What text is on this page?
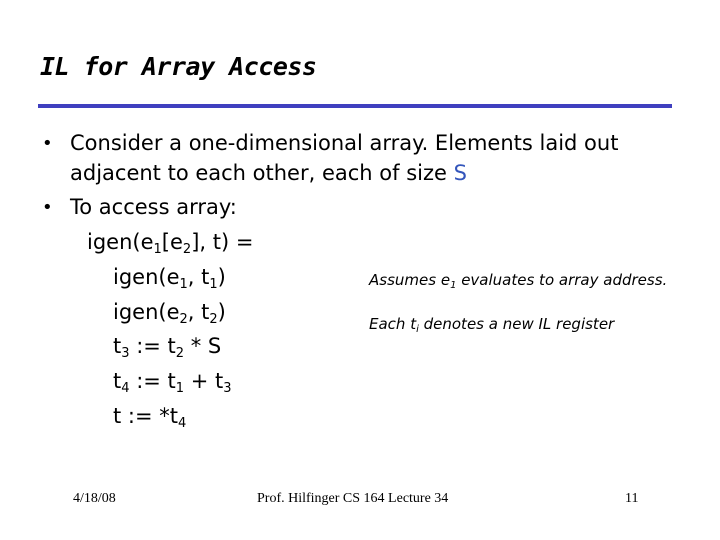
IL for Array Access
• Consider a one-dimensional array. Elements laid out
adjacent to each other, each of size S
• To access array:
$igen(e_1[e_2]$, t) =
$igen(e_1$, $t_1$)
$igen(e_2$, $t_2$)
$t_3$ := $t_2$ * S
$t_4$ := $t_1 + t_3$
t := $*t_4$
Assumes $e_1$ evaluates to array address.
Each $t_i$ denotes a new IL register
4/18/08	Prof. Hilfinger CS 164 Lecture 34	11
